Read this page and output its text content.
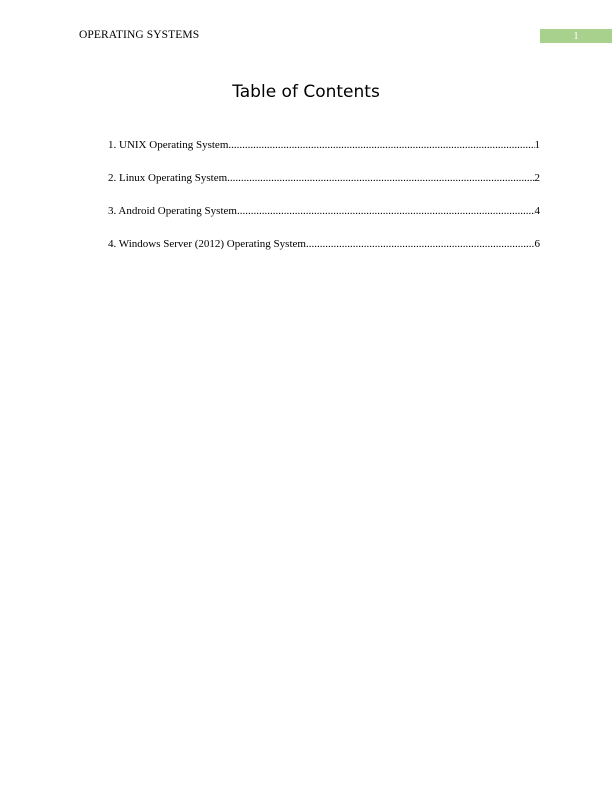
OPERATING SYSTEMS	1
Table of Contents
1. UNIX Operating System .....	1
2. Linux Operating System .....	2
3. Android Operating System .....	4
4. Windows Server (2012) Operating System .....	6
